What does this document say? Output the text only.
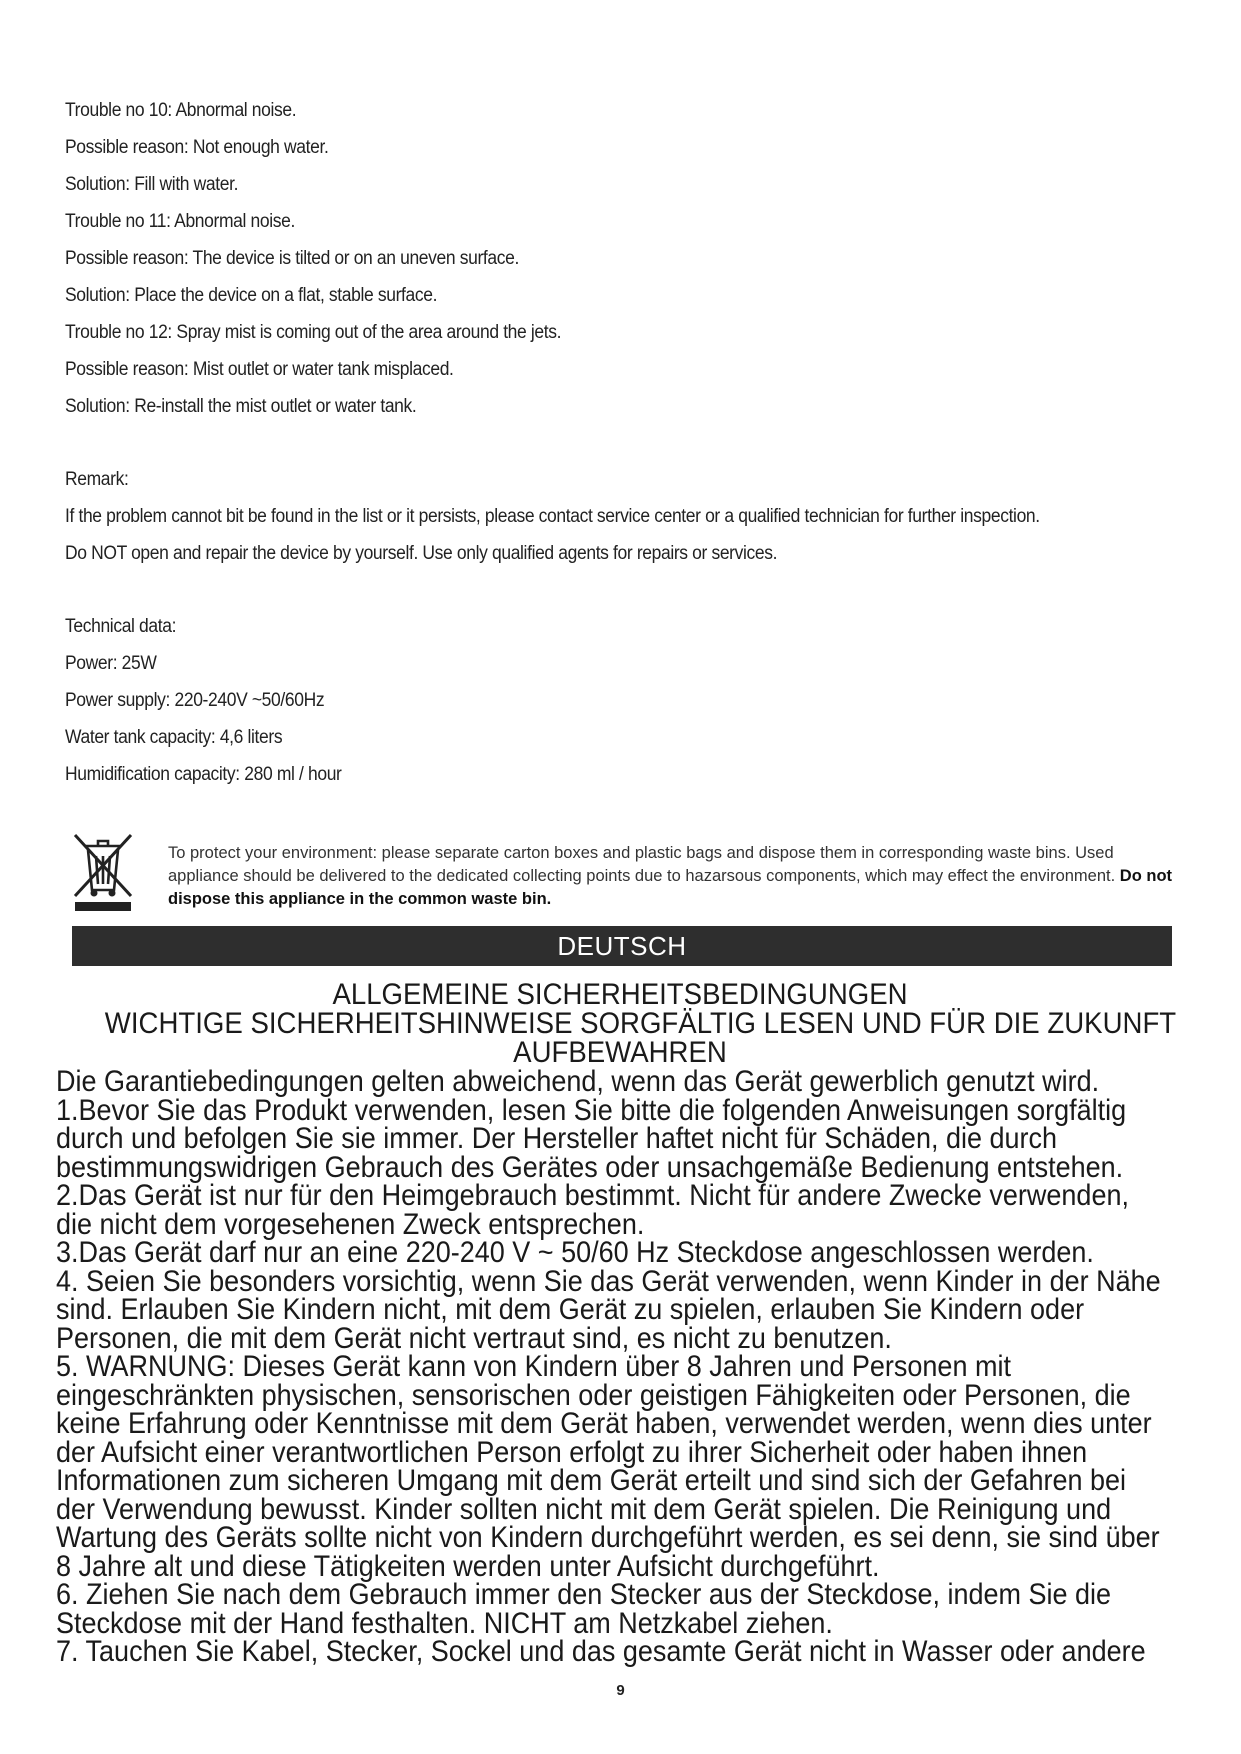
Trouble no 10: Abnormal noise.
Possible reason: Not enough water.
Solution: Fill with water.
Trouble no 11: Abnormal noise.
Possible reason: The device is tilted or on an uneven surface.
Solution: Place the device on a flat, stable surface.
Trouble no 12: Spray mist is coming out of the area around the jets.
Possible reason: Mist outlet or water tank misplaced.
Solution: Re-install the mist outlet or water tank.
Remark:
If the problem cannot bit be found in the list or it persists, please contact service center or a qualified technician for further inspection.
Do NOT open and repair the device by yourself. Use only qualified agents for repairs or services.
Technical data:
Power: 25W
Power supply: 220-240V ~50/60Hz
Water tank capacity: 4,6 liters
Humidification capacity: 280 ml / hour
To protect your environment: please separate carton boxes and plastic bags and dispose them in corresponding waste bins. Used appliance should be delivered to the dedicated collecting points due to hazarsous components, which may effect the environment. Do not dispose this appliance in the common waste bin.
DEUTSCH
ALLGEMEINE SICHERHEITSBEDINGUNGEN
WICHTIGE SICHERHEITSHINWEISE SORGFÄLTIG LESEN UND FÜR DIE ZUKUNFT
AUFBEWAHREN
Die Garantiebedingungen gelten abweichend, wenn das Gerät gewerblich genutzt wird.
1.Bevor Sie das Produkt verwenden, lesen Sie bitte die folgenden Anweisungen sorgfältig
durch und befolgen Sie sie immer. Der Hersteller haftet nicht für Schäden, die durch
bestimmungswidrigen Gebrauch des Gerätes oder unsachgemäße Bedienung entstehen.
2.Das Gerät ist nur für den Heimgebrauch bestimmt. Nicht für andere Zwecke verwenden,
die nicht dem vorgesehenen Zweck entsprechen.
3.Das Gerät darf nur an eine 220-240 V ~ 50/60 Hz Steckdose angeschlossen werden.
4. Seien Sie besonders vorsichtig, wenn Sie das Gerät verwenden, wenn Kinder in der Nähe
sind. Erlauben Sie Kindern nicht, mit dem Gerät zu spielen, erlauben Sie Kindern oder
Personen, die mit dem Gerät nicht vertraut sind, es nicht zu benutzen.
5. WARNUNG: Dieses Gerät kann von Kindern über 8 Jahren und Personen mit
eingeschränkten physischen, sensorischen oder geistigen Fähigkeiten oder Personen, die
keine Erfahrung oder Kenntnisse mit dem Gerät haben, verwendet werden, wenn dies unter
der Aufsicht einer verantwortlichen Person erfolgt zu ihrer Sicherheit oder haben ihnen
Informationen zum sicheren Umgang mit dem Gerät erteilt und sind sich der Gefahren bei
der Verwendung bewusst. Kinder sollten nicht mit dem Gerät spielen. Die Reinigung und
Wartung des Geräts sollte nicht von Kindern durchgeführt werden, es sei denn, sie sind über
8 Jahre alt und diese Tätigkeiten werden unter Aufsicht durchgeführt.
6. Ziehen Sie nach dem Gebrauch immer den Stecker aus der Steckdose, indem Sie die
Steckdose mit der Hand festhalten. NICHT am Netzkabel ziehen.
7. Tauchen Sie Kabel, Stecker, Sockel und das gesamte Gerät nicht in Wasser oder andere
9
